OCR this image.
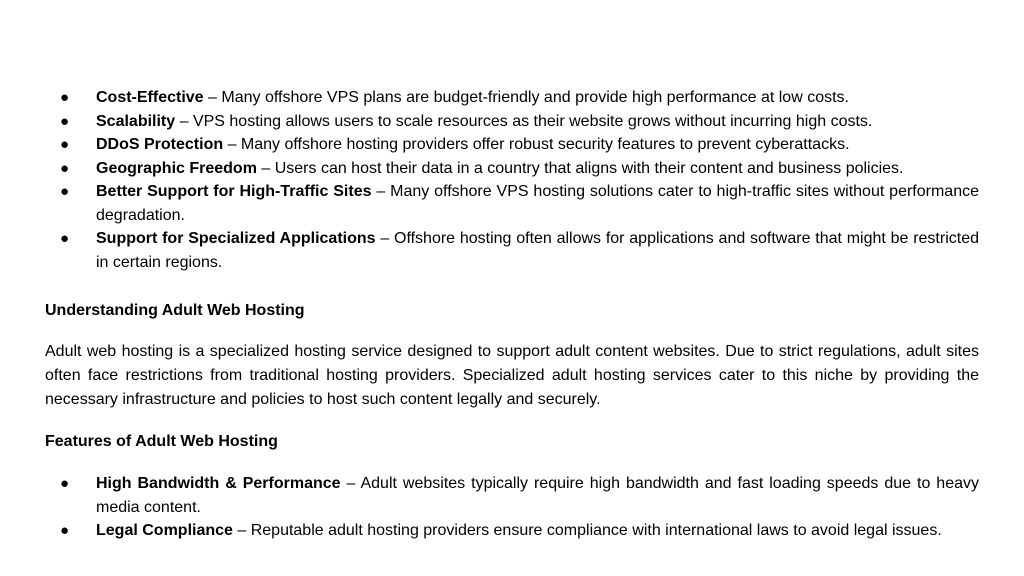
● Cost-Effective – Many offshore VPS plans are budget-friendly and provide high performance at low costs.
● Scalability – VPS hosting allows users to scale resources as their website grows without incurring high costs.
● DDoS Protection – Many offshore hosting providers offer robust security features to prevent cyberattacks.
● Geographic Freedom – Users can host their data in a country that aligns with their content and business policies.
● Better Support for High-Traffic Sites – Many offshore VPS hosting solutions cater to high-traffic sites without performance degradation.
● Support for Specialized Applications – Offshore hosting often allows for applications and software that might be restricted in certain regions.
Understanding Adult Web Hosting

Adult web hosting is a specialized hosting service designed to support adult content websites. Due to strict regulations, adult sites often face restrictions from traditional hosting providers. Specialized adult hosting services cater to this niche by providing the necessary infrastructure and policies to host such content legally and securely.

Features of Adult Web Hosting
● High Bandwidth & Performance – Adult websites typically require high bandwidth and fast loading speeds due to heavy media content.
● Legal Compliance – Reputable adult hosting providers ensure compliance with international laws to avoid legal issues.
